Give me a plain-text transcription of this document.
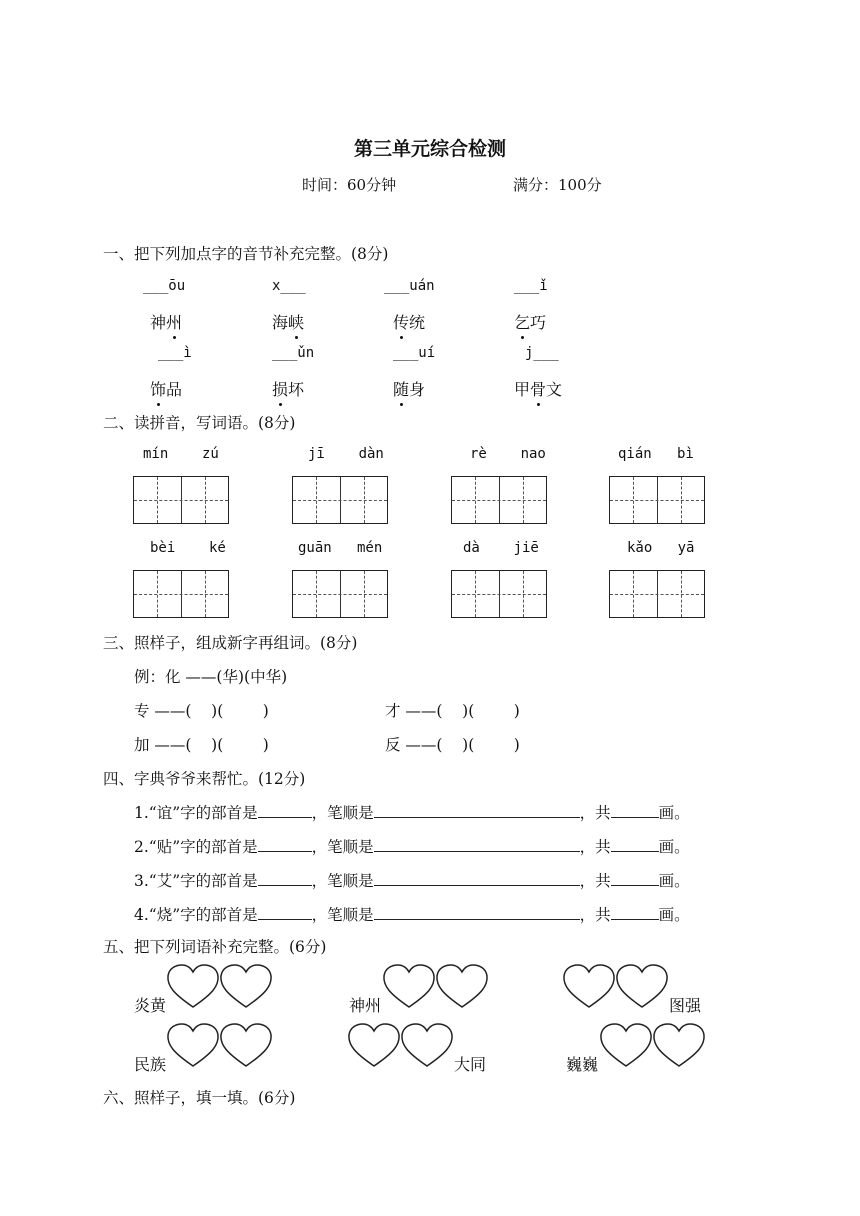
第三单元综合检测
时间：60分钟	满分：100分
一、把下列加点字的音节补充完整。(8分)
___ōu	x___	___uán	___ǐ
神州	海峡	传统	乞巧
___ì	___ǔn	___uí	j___
饰品	损坏	随身	甲骨文
二、读拼音，写词语。(8分)
mín    zú	jī    dàn	rè    nao	qián   bì
bèi    ké	guān   mén	dà    jiē	kǎo   yā
三、照样子，组成新字再组词。(8分)
例：化 ——(华)(中华)
专 ——(    )(        )	才 ——(    )(        )
加 ——(    )(        )	反 ——(    )(        )
四、字典爷爷来帮忙。(12分)
1.“谊”字的部首是	，笔顺是	，共	画。
2.“贴”字的部首是	，笔顺是	，共	画。
3.“艾”字的部首是	，笔顺是	，共	画。
4.“烧”字的部首是	，笔顺是	，共	画。
五、把下列词语补充完整。(6分)
炎黄	神州	图强
民族	大同	巍巍
六、照样子，填一填。(6分)
